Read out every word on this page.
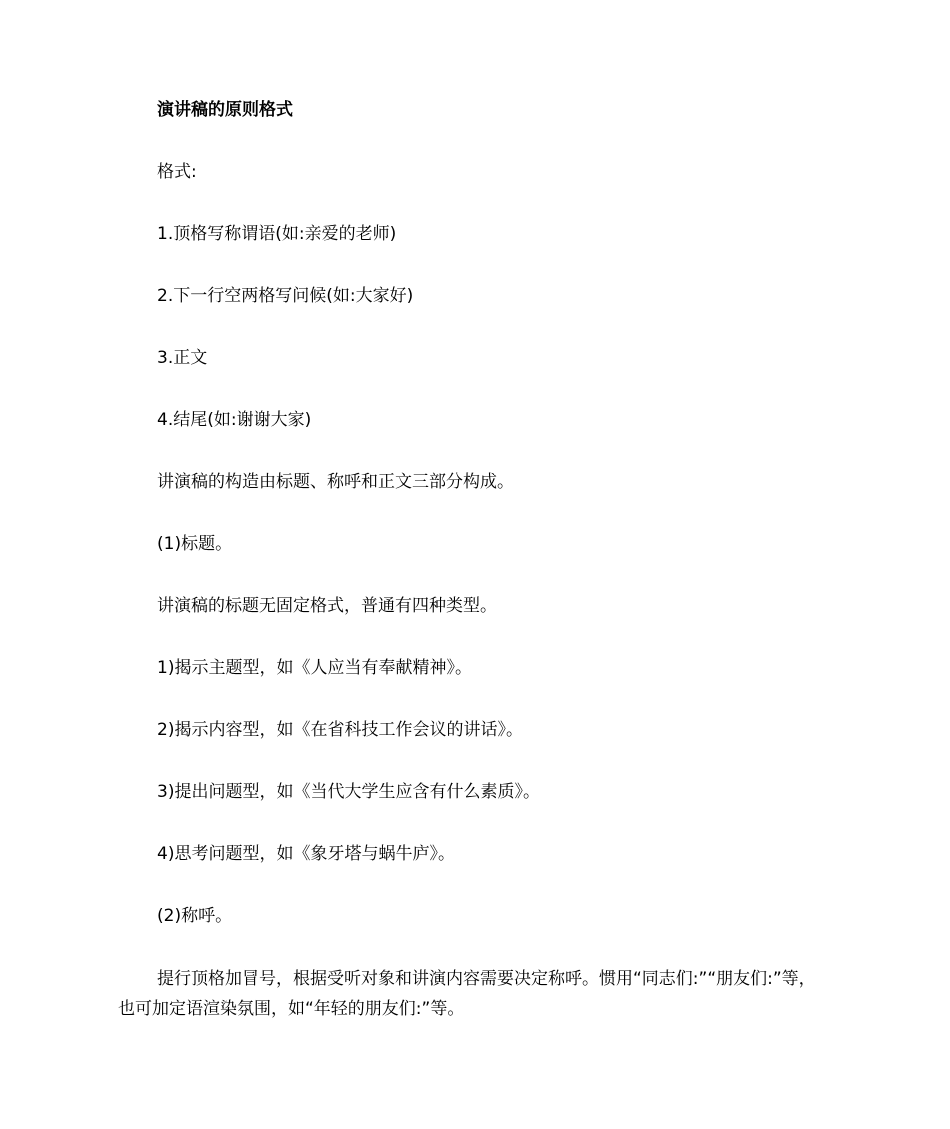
演讲稿的原则格式

格式:

1.顶格写称谓语(如:亲爱的老师)

2.下一行空两格写问候(如:大家好)

3.正文

4.结尾(如:谢谢大家)

讲演稿的构造由标题、称呼和正文三部分构成。

(1)标题。

讲演稿的标题无固定格式，普通有四种类型。

1)揭示主题型，如《人应当有奉献精神》。

2)揭示内容型，如《在省科技工作会议的讲话》。

3)提出问题型，如《当代大学生应含有什么素质》。

4)思考问题型，如《象牙塔与蜗牛庐》。

(2)称呼。

提行顶格加冒号，根据受听对象和讲演内容需要决定称呼。惯用“同志们:”“朋友们:”等，也可加定语渲染氛围，如“年轻的朋友们:”等。
